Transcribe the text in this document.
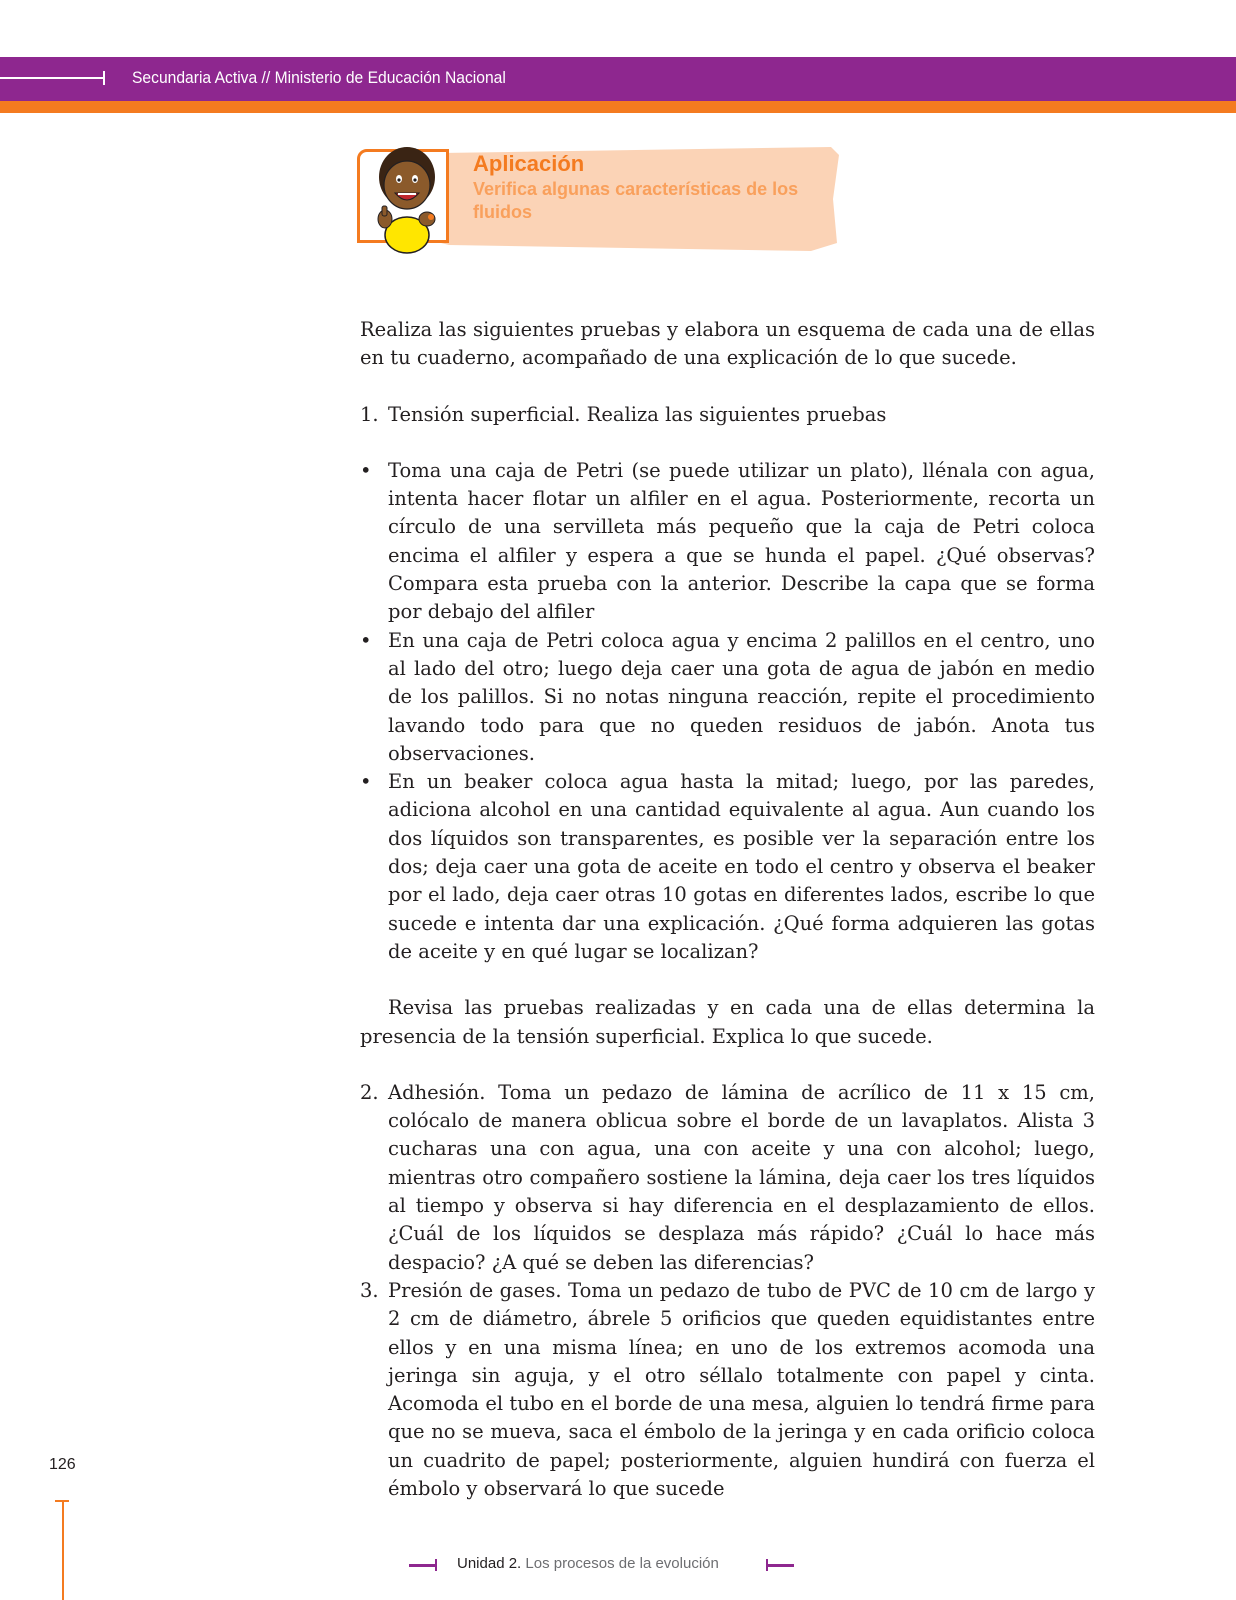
Secundaria Activa // Ministerio de Educación Nacional
Aplicación
Verifica algunas características de los fluidos

Realiza las siguientes pruebas y elabora un esquema de cada una de ellas en tu cuaderno, acompañado de una explicación de lo que sucede.

1. Tensión superficial. Realiza las siguientes pruebas

• Toma una caja de Petri (se puede utilizar un plato), llénala con agua, intenta hacer flotar un alfiler en el agua. Posteriormente, recorta un círculo de una servilleta más pequeño que la caja de Petri coloca encima el alfiler y espera a que se hunda el papel. ¿Qué observas? Compara esta prueba con la anterior. Describe la capa que se forma por debajo del alfiler

• En una caja de Petri coloca agua y encima 2 palillos en el centro, uno al lado del otro; luego deja caer una gota de agua de jabón en medio de los palillos. Si no notas ninguna reacción, repite el procedimiento lavando todo para que no queden residuos de jabón. Anota tus observaciones.

• En un beaker coloca agua hasta la mitad; luego, por las paredes, adiciona alcohol en una cantidad equivalente al agua. Aun cuando los dos líquidos son transparentes, es posible ver la separación entre los dos; deja caer una gota de aceite en todo el centro y observa el beaker por el lado, deja caer otras 10 gotas en diferentes lados, escribe lo que sucede e intenta dar una explicación. ¿Qué forma adquieren las gotas de aceite y en qué lugar se localizan?

Revisa las pruebas realizadas y en cada una de ellas determina la presencia de la tensión superficial. Explica lo que sucede.

2. Adhesión. Toma un pedazo de lámina de acrílico de 11 x 15 cm, colócalo de manera oblicua sobre el borde de un lavaplatos. Alista 3 cucharas una con agua, una con aceite y una con alcohol; luego, mientras otro compañero sostiene la lámina, deja caer los tres líquidos al tiempo y observa si hay diferencia en el desplazamiento de ellos. ¿Cuál de los líquidos se desplaza más rápido? ¿Cuál lo hace más despacio? ¿A qué se deben las diferencias?

3. Presión de gases. Toma un pedazo de tubo de PVC de 10 cm de largo y 2 cm de diámetro, ábrele 5 orificios que queden equidistantes entre ellos y en una misma línea; en uno de los extremos acomoda una jeringa sin aguja, y el otro séllalo totalmente con papel y cinta. Acomoda el tubo en el borde de una mesa, alguien lo tendrá firme para que no se mueva, saca el émbolo de la jeringa y en cada orificio coloca un cuadrito de papel; posteriormente, alguien hundirá con fuerza el émbolo y observará lo que sucede

126
Unidad 2. Los procesos de la evolución
